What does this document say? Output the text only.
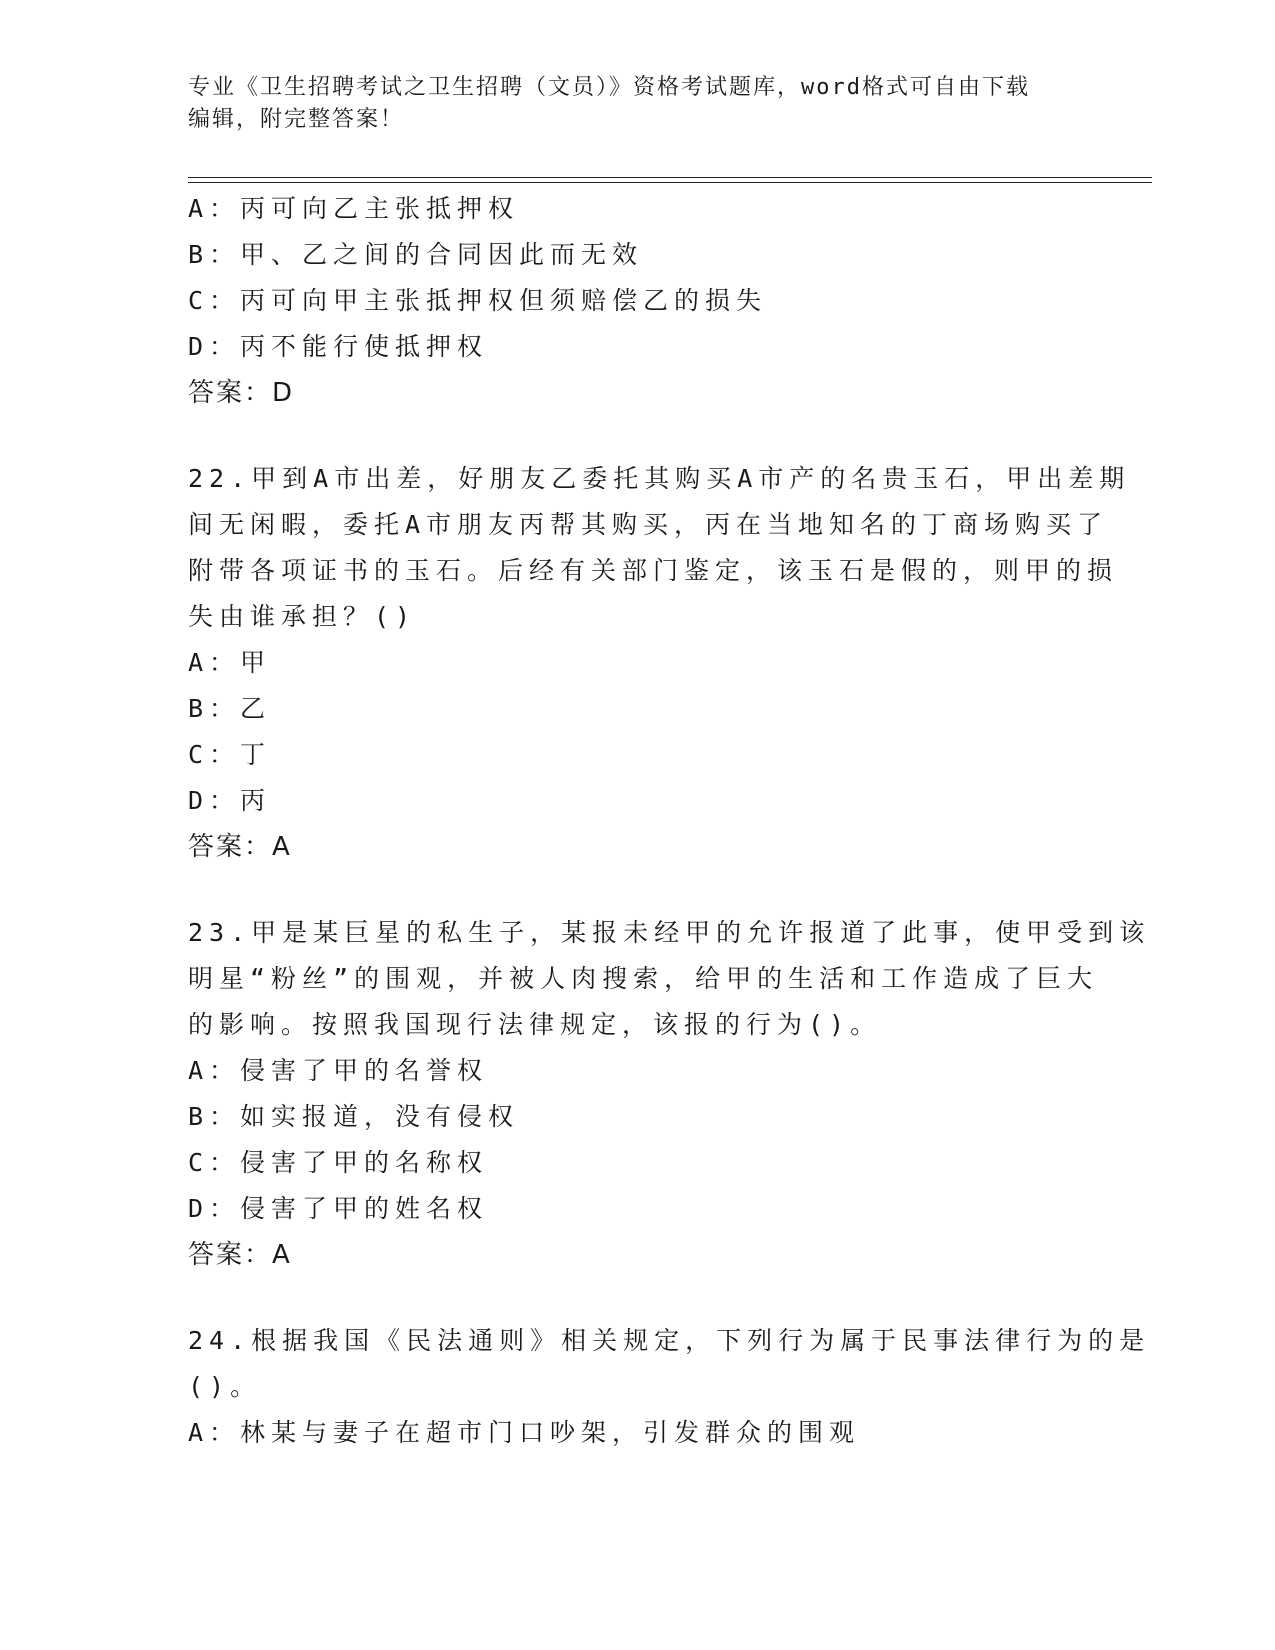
专业《卫生招聘考试之卫生招聘（文员）》资格考试题库，word格式可自由下载
编辑，附完整答案！
A：丙可向乙主张抵押权
B：甲、乙之间的合同因此而无效
C：丙可向甲主张抵押权但须赔偿乙的损失
D：丙不能行使抵押权
答案：D
22.甲到A市出差，好朋友乙委托其购买A市产的名贵玉石，甲出差期
间无闲暇，委托A市朋友丙帮其购买，丙在当地知名的丁商场购买了
附带各项证书的玉石。后经有关部门鉴定，该玉石是假的，则甲的损
失由谁承担？()
A：甲
B：乙
C：丁
D：丙
答案：A
23.甲是某巨星的私生子，某报未经甲的允许报道了此事，使甲受到该
明星“粉丝”的围观，并被人肉搜索，给甲的生活和工作造成了巨大
的影响。按照我国现行法律规定，该报的行为()。
A：侵害了甲的名誉权
B：如实报道，没有侵权
C：侵害了甲的名称权
D：侵害了甲的姓名权
答案：A
24.根据我国《民法通则》相关规定，下列行为属于民事法律行为的是
()。
A：林某与妻子在超市门口吵架，引发群众的围观
